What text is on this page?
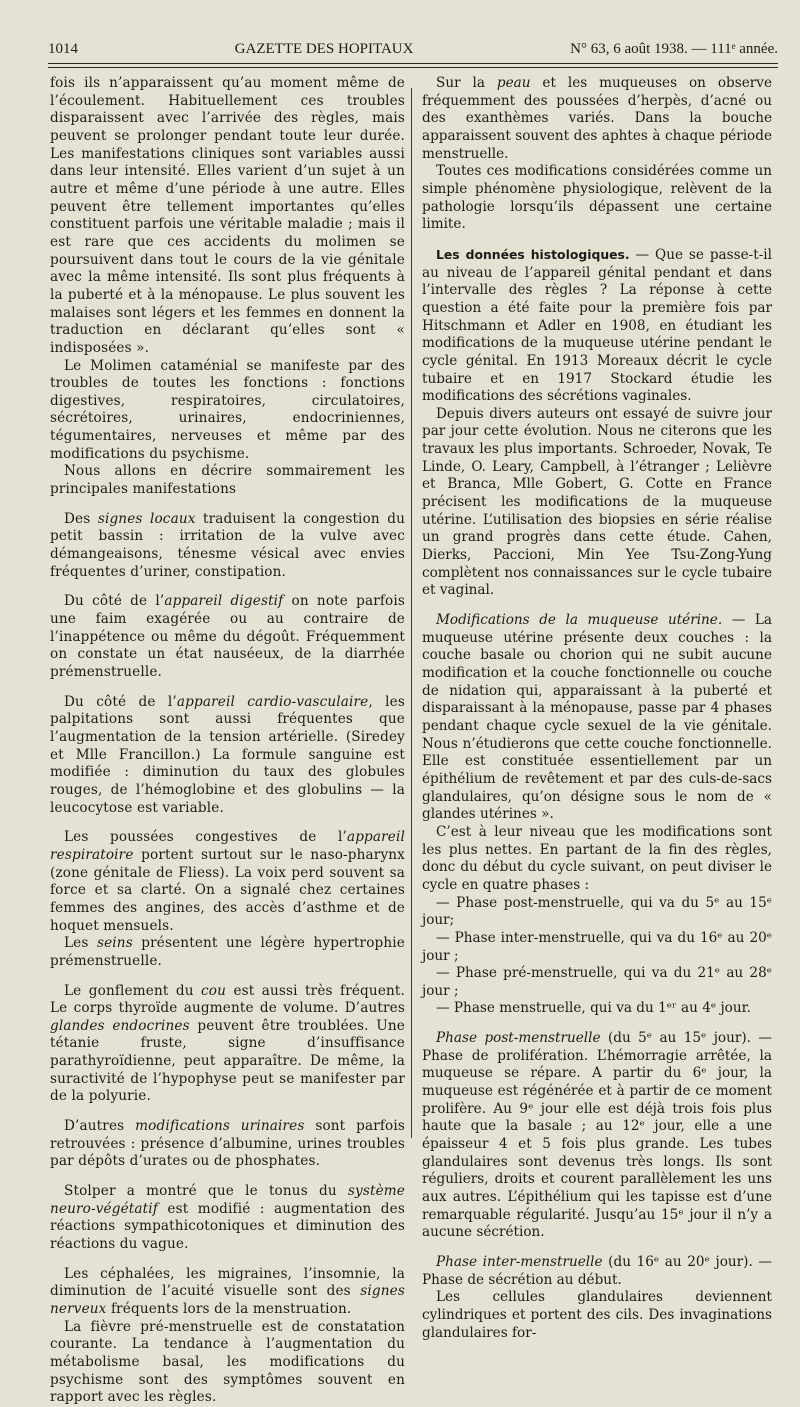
1014	GAZETTE DES HOPITAUX	N° 63, 6 août 1938. — 111ᵉ année.

fois ils n’apparaissent qu’au moment même de l’écoulement. Habituellement ces troubles disparaissent avec l’arrivée des règles, mais peuvent se prolonger pendant toute leur durée. Les manifestations cliniques sont variables aussi dans leur intensité. Elles varient d’un sujet à un autre et même d’une période à une autre. Elles peuvent être tellement importantes qu’elles constituent parfois une véritable maladie ; mais il est rare que ces accidents du molimen se poursuivent dans tout le cours de la vie génitale avec la même intensité. Ils sont plus fréquents à la puberté et à la ménopause. Le plus souvent les malaises sont légers et les femmes en donnent la traduction en déclarant qu’elles sont « indisposées ».

Le Molimen cataménial se manifeste par des troubles de toutes les fonctions : fonctions digestives, respiratoires, circulatoires, sécrétoires, urinaires, endocriniennes, tégumentaires, nerveuses et même par des modifications du psychisme.

Nous allons en décrire sommairement les principales manifestations

Des signes locaux traduisent la congestion du petit bassin : irritation de la vulve avec démangeaisons, ténesme vésical avec envies fréquentes d’uriner, constipation.

Du côté de l’appareil digestif on note parfois une faim exagérée ou au contraire de l’inappétence ou même du dégoût. Fréquemment on constate un état nauséeux, de la diarrhée prémenstruelle.

Du côté de l’appareil cardio-vasculaire, les palpitations sont aussi fréquentes que l’augmentation de la tension artérielle. (Siredey et Mlle Francillon.) La formule sanguine est modifiée : diminution du taux des globules rouges, de l’hémoglobine et des globulins — la leucocytose est variable.

Les poussées congestives de l’appareil respiratoire portent surtout sur le naso-pharynx (zone génitale de Fliess). La voix perd souvent sa force et sa clarté. On a signalé chez certaines femmes des angines, des accès d’asthme et de hoquet mensuels.

Les seins présentent une légère hypertrophie prémenstruelle.

Le gonflement du cou est aussi très fréquent. Le corps thyroïde augmente de volume. D’autres glandes endocrines peuvent être troublées. Une tétanie fruste, signe d’insuffisance parathyroïdienne, peut apparaître. De même, la suractivité de l’hypophyse peut se manifester par de la polyurie.

D’autres modifications urinaires sont parfois retrouvées : présence d’albumine, urines troubles par dépôts d’urates ou de phosphates.

Stolper a montré que le tonus du système neuro-végétatif est modifié : augmentation des réactions sympathicotoniques et diminution des réactions du vague.

Les céphalées, les migraines, l’insomnie, la diminution de l’acuité visuelle sont des signes nerveux fréquents lors de la menstruation.

La fièvre pré-menstruelle est de constatation courante. La tendance à l’augmentation du métabolisme basal, les modifications du psychisme sont des symptômes souvent en rapport avec les règles.

Sur la peau et les muqueuses on observe fréquemment des poussées d’herpès, d’acné ou des exanthèmes variés. Dans la bouche apparaissent souvent des aphtes à chaque période menstruelle.

Toutes ces modifications considérées comme un simple phénomène physiologique, relèvent de la pathologie lorsqu’ils dépassent une certaine limite.

Les données histologiques. — Que se passe-t-il au niveau de l’appareil génital pendant et dans l’intervalle des règles ? La réponse à cette question a été faite pour la première fois par Hitschmann et Adler en 1908, en étudiant les modifications de la muqueuse utérine pendant le cycle génital. En 1913 Moreaux décrit le cycle tubaire et en 1917 Stockard étudie les modifications des sécrétions vaginales.

Depuis divers auteurs ont essayé de suivre jour par jour cette évolution. Nous ne citerons que les travaux les plus importants. Schroeder, Novak, Te Linde, O. Leary, Campbell, à l’étranger ; Lelièvre et Branca, Mlle Gobert, G. Cotte en France précisent les modifications de la muqueuse utérine. L’utilisation des biopsies en série réalise un grand progrès dans cette étude. Cahen, Dierks, Paccioni, Min Yee Tsu-Zong-Yung complètent nos connaissances sur le cycle tubaire et vaginal.

Modifications de la muqueuse utérine. — La muqueuse utérine présente deux couches : la couche basale ou chorion qui ne subit aucune modification et la couche fonctionnelle ou couche de nidation qui, apparaissant à la puberté et disparaissant à la ménopause, passe par 4 phases pendant chaque cycle sexuel de la vie génitale. Nous n’étudierons que cette couche fonctionnelle. Elle est constituée essentiellement par un épithélium de revêtement et par des culs-de-sacs glandulaires, qu’on désigne sous le nom de « glandes utérines ».

C’est à leur niveau que les modifications sont les plus nettes. En partant de la fin des règles, donc du début du cycle suivant, on peut diviser le cycle en quatre phases :

— Phase post-menstruelle, qui va du 5ᵉ au 15ᵉ jour;

— Phase inter-menstruelle, qui va du 16ᵉ au 20ᵉ jour ;

— Phase pré-menstruelle, qui va du 21ᵉ au 28ᵉ jour ;

— Phase menstruelle, qui va du 1ᵉʳ au 4ᵉ jour.

Phase post-menstruelle (du 5ᵉ au 15ᵉ jour). — Phase de prolifération. L’hémorragie arrêtée, la muqueuse se répare. A partir du 6ᵉ jour, la muqueuse est régénérée et à partir de ce moment prolifère. Au 9ᵉ jour elle est déjà trois fois plus haute que la basale ; au 12ᵉ jour, elle a une épaisseur 4 et 5 fois plus grande. Les tubes glandulaires sont devenus très longs. Ils sont réguliers, droits et courent parallèlement les uns aux autres. L’épithélium qui les tapisse est d’une remarquable régularité. Jusqu’au 15ᵉ jour il n’y a aucune sécrétion.

Phase inter-menstruelle (du 16ᵉ au 20ᵉ jour). — Phase de sécrétion au début.

Les cellules glandulaires deviennent cylindriques et portent des cils. Des invaginations glandulaires for-
